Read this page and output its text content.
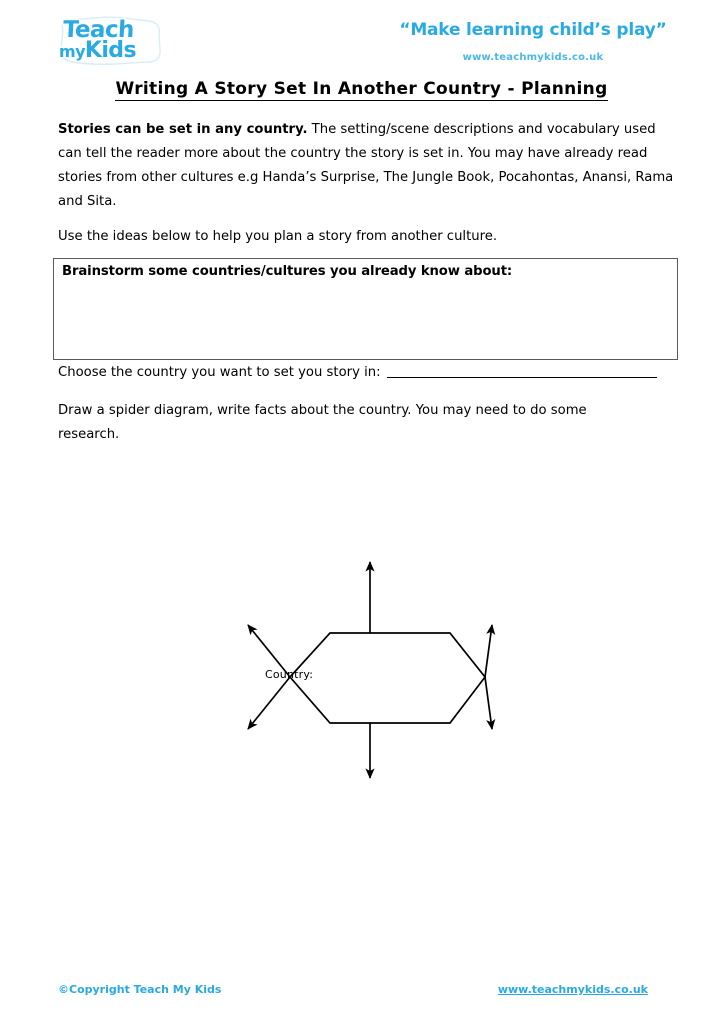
Teach
myKids
“Make learning child’s play”
www.teachmykids.co.uk
Writing A Story Set In Another Country - Planning
Stories can be set in any country. The setting/scene descriptions and vocabulary used can tell the reader more about the country the story is set in. You may have already read stories from other cultures e.g Handa’s Surprise, The Jungle Book, Pocahontas, Anansi, Rama and Sita.
Use the ideas below to help you plan a story from another culture.
Brainstorm some countries/cultures you already know about:
Choose the country you want to set you story in:
Draw a spider diagram, write facts about the country. You may need to do some research.
Country:
©Copyright Teach My Kids	www.teachmykids.co.uk
